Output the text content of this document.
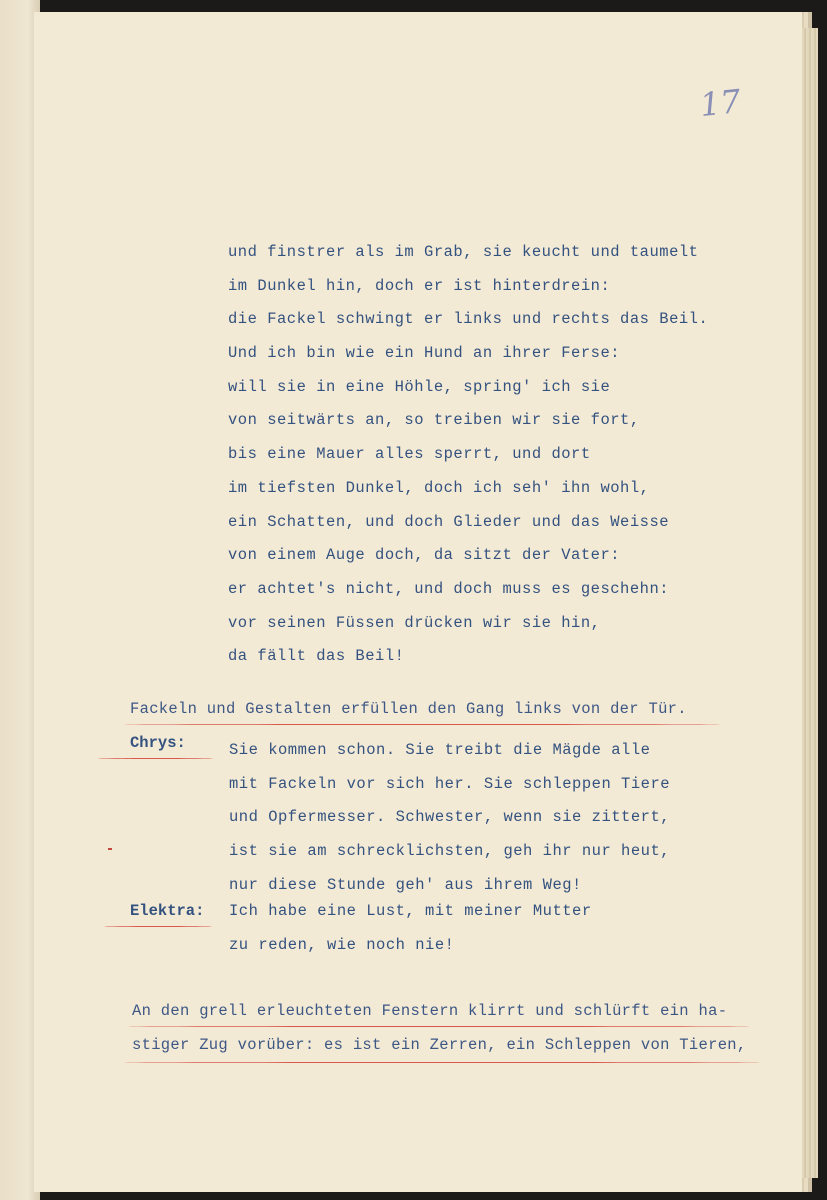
17
und finstrer als im Grab, sie keucht und taumelt
im Dunkel hin, doch er ist hinterdrein:
die Fackel schwingt er links und rechts das Beil.
Und ich bin wie ein Hund an ihrer Ferse:
will sie in eine Höhle, spring' ich sie
von seitwärts an, so treiben wir sie fort,
bis eine Mauer alles sperrt, und dort
im tiefsten Dunkel, doch ich seh' ihn wohl,
ein Schatten, und doch Glieder und das Weisse
von einem Auge doch, da sitzt der Vater:
er achtet's nicht, und doch muss es geschehn:
vor seinen Füssen drücken wir sie hin,
da fällt das Beil!
Fackeln und Gestalten erfüllen den Gang links von der Tür.
Chrys:	Sie kommen schon. Sie treibt die Mägde alle
mit Fackeln vor sich her. Sie schleppen Tiere
und Opfermesser. Schwester, wenn sie zittert,
ist sie am schrecklichsten, geh ihr nur heut,
nur diese Stunde geh' aus ihrem Weg!
Elektra: Ich habe eine Lust, mit meiner Mutter
zu reden, wie noch nie!
An den grell erleuchteten Fenstern klirrt und schlürft ein ha-
stiger Zug vorüber: es ist ein Zerren, ein Schleppen von Tieren,
